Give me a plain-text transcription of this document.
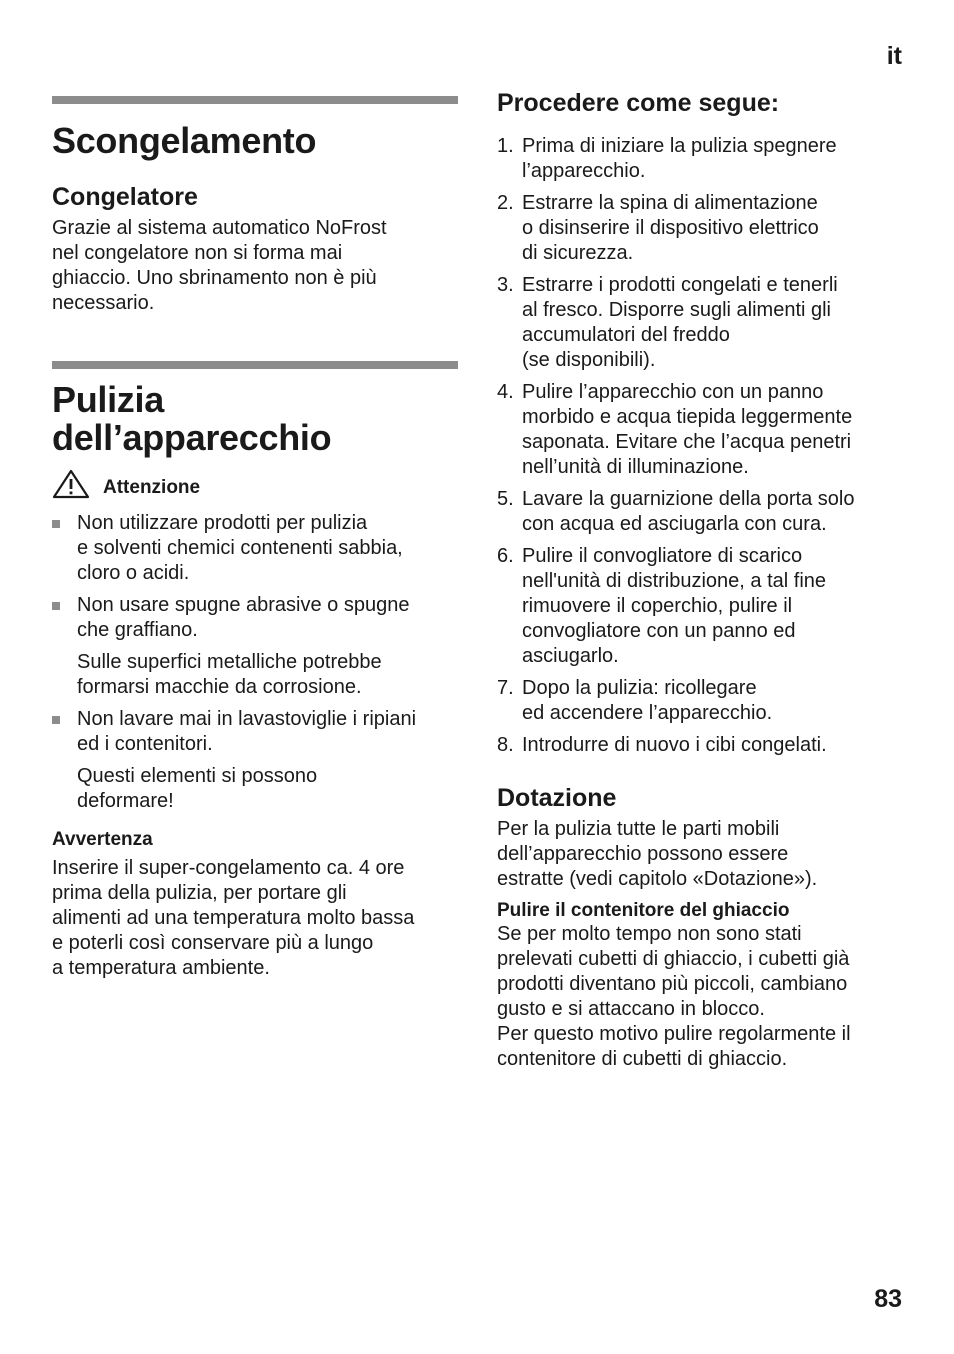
it
Scongelamento
Congelatore

Grazie al sistema automatico NoFrost

nel congelatore non si forma mai

ghiaccio. Uno sbrinamento non è più

necessario.

Pulizia
dell’apparecchio
Attenzione
Non utilizzare prodotti per pulizia
e solventi chemici contenenti sabbia,
cloro o acidi.
Non usare spugne abrasive o spugne
che graffiano.
Sulle superfici metalliche potrebbe
formarsi macchie da corrosione.
Non lavare mai in lavastoviglie i ripiani
ed i contenitori.
Questi elementi si possono
deformare!
Avvertenza

Inserire il super-congelamento ca. 4 ore

prima della pulizia, per portare gli

alimenti ad una temperatura molto bassa

e poterli così conservare più a lungo

a temperatura ambiente.

Procedere come segue:
1. Prima di iniziare la pulizia spegnere
l’apparecchio.
2. Estrarre la spina di alimentazione
o disinserire il dispositivo elettrico
di sicurezza.
3. Estrarre i prodotti congelati e tenerli
al fresco. Disporre sugli alimenti gli
accumulatori del freddo
(se disponibili).
4. Pulire l’apparecchio con un panno
morbido e acqua tiepida leggermente
saponata. Evitare che l’acqua penetri
nell’unità di illuminazione.
5. Lavare la guarnizione della porta solo
con acqua ed asciugarla con cura.
6. Pulire il convogliatore di scarico
nell'unità di distribuzione, a tal fine
rimuovere il coperchio, pulire il
convogliatore con un panno ed
asciugarlo.
7. Dopo la pulizia: ricollegare
ed accendere l’apparecchio.
8. Introdurre di nuovo i cibi congelati.
Dotazione

Per la pulizia tutte le parti mobili

dell’apparecchio possono essere

estratte (vedi capitolo «Dotazione»).

Pulire il contenitore del ghiaccio

Se per molto tempo non sono stati

prelevati cubetti di ghiaccio, i cubetti già

prodotti diventano più piccoli, cambiano

gusto e si attaccano in blocco.

Per questo motivo pulire regolarmente il

contenitore di cubetti di ghiaccio.

83
